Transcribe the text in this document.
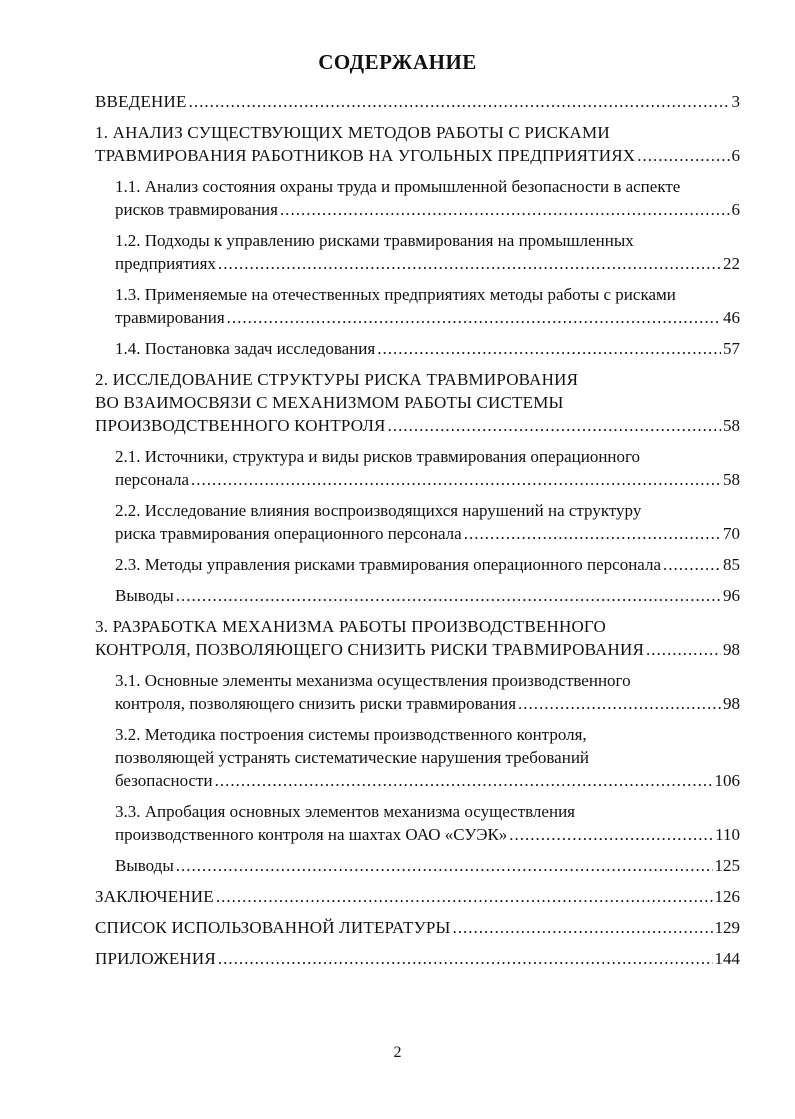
СОДЕРЖАНИЕ
ВВЕДЕНИЕ .....	3
1. АНАЛИЗ СУЩЕСТВУЮЩИХ МЕТОДОВ РАБОТЫ С РИСКАМИ
ТРАВМИРОВАНИЯ РАБОТНИКОВ НА УГОЛЬНЫХ ПРЕДПРИЯТИЯХ .....	6
1.1. Анализ состояния охраны труда и промышленной безопасности в аспекте
рисков травмирования .....	6
1.2. Подходы к управлению рисками травмирования на промышленных
предприятиях .....	22
1.3. Применяемые на отечественных предприятиях методы работы с рисками
травмирования .....	46
1.4. Постановка задач исследования .....	57
2. ИССЛЕДОВАНИЕ СТРУКТУРЫ РИСКА ТРАВМИРОВАНИЯ
ВО ВЗАИМОСВЯЗИ С МЕХАНИЗМОМ РАБОТЫ СИСТЕМЫ
ПРОИЗВОДСТВЕННОГО КОНТРОЛЯ .....	58
2.1. Источники, структура и виды рисков травмирования операционного
персонала .....	58
2.2. Исследование влияния воспроизводящихся нарушений на структуру
риска травмирования операционного персонала .....	70
2.3. Методы управления рисками травмирования операционного персонала .....	85
Выводы .....	96
3. РАЗРАБОТКА МЕХАНИЗМА РАБОТЫ ПРОИЗВОДСТВЕННОГО
КОНТРОЛЯ, ПОЗВОЛЯЮЩЕГО СНИЗИТЬ РИСКИ ТРАВМИРОВАНИЯ .....	98
3.1. Основные элементы механизма осуществления производственного
контроля, позволяющего снизить риски травмирования .....	98
3.2. Методика построения системы производственного контроля,
позволяющей устранять систематические нарушения требований
безопасности .....	106
3.3. Апробация основных элементов механизма осуществления
производственного контроля на шахтах ОАО «СУЭК» .....	110
Выводы .....	125
ЗАКЛЮЧЕНИЕ .....	126
СПИСОК ИСПОЛЬЗОВАННОЙ ЛИТЕРАТУРЫ .....	129
ПРИЛОЖЕНИЯ .....	144
2
